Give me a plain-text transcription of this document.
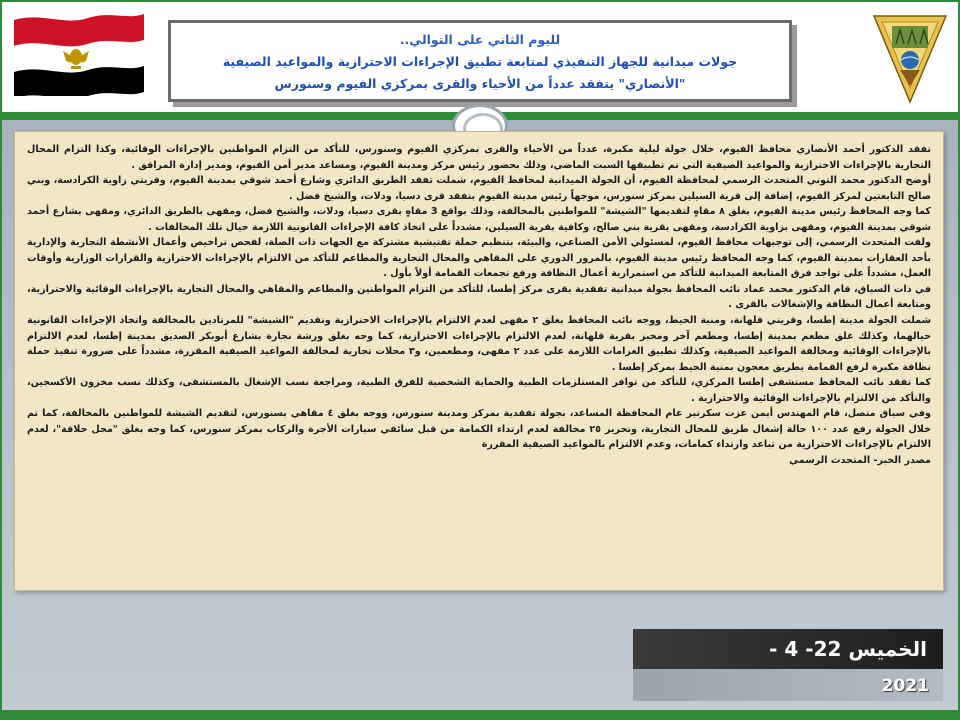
لليوم الثاني على التوالي..
جولات ميدانية للجهاز التنفيذي لمتابعة تطبيق الإجراءات الاحترازية والمواعيد الصيفية
"الأنصاري" يتفقد عدداً من الأحياء والقرى بمركزي الفيوم وسنورس

تفقد الدكتور أحمد الأنصاري محافظ الفيوم، خلال جولة ليلية مكبرة، عدداً من الأحياء والقرى بمركزي الفيوم وسنورس، للتأكد من التزام المواطنين بالإجراءات الوقائية، وكذا التزام المحال التجارية بالإجراءات الاحترازية والمواعيد الصيفية التي تم تطبيقها السبت الماضي، وذلك بحضور رئيس مركز ومدينة الفيوم، ومساعد مدير أمن الفيوم، ومدير إدارة المرافق .

أوضح الدكتور محمد التوني المتحدث الرسمي لمحافظة الفيوم، أن الجولة الميدانية لمحافظ الفيوم، شملت تفقد الطريق الدائري وشارع أحمد شوقي بمدينة الفيوم، وقريتي زاوية الكرادسة، وبني صالح التابعتين لمركز الفيوم، إضافة إلى قرية السيلين بمركز سنورس، موجهاً رئيس مدينة الفيوم بتفقد قرى دسيا، ودلات، والشيخ فضل .

كما وجه المحافظ رئيس مدينة الفيوم، بغلق ٨ مقاهٍ لتقديمها "الشيشة" للمواطنين بالمخالفة، وذلك بواقع 3 مقاهٍ بقرى دسيا، ودلات، والشيخ فضل، ومقهى بالطريق الدائري، ومقهى بشارع أحمد شوقي بمدينة الفيوم، ومقهى بزاوية الكرادسة، ومقهى بقرية بني صالح، وكافية بقرية السيلين، مشدداً على اتخاذ كافة الإجراءات القانونية اللازمة حيال تلك المخالفات .

ولفت المتحدث الرسمي، إلى توجيهات محافظ الفيوم، لمسئولي الأمن الصناعي، والبيئة، بتنظيم حملة تفتيشية مشتركة مع الجهات ذات الصلة، لفحص تراخيص وأعمال الأنشطة التجارية والإدارية بأحد العقارات بمدينة الفيوم، كما وجه المحافظ رئيس مدينة الفيوم، بالمرور الدوري على المقاهي والمحال التجارية والمطاعم للتأكد من الالتزام بالإجراءات الاحترازية والقرارات الوزارية وأوقات العمل، مشدداً على تواجد فرق المتابعة الميدانية للتأكد من استمرارية أعمال النظافة ورفع تجمعات القمامة أولاً بأول .

في ذات السياق، قام الدكتور محمد عماد نائب المحافظ بجولة ميدانية تفقدية بقرى مركز إطسا، للتأكد من التزام المواطنين والمطاعم والمقاهي والمحال التجارية بالإجراءات الوقائية والاحترازية، ومتابعة أعمال النظافة والإشغالات بالقرى .

شملت الجولة مدينة إطسا، وقريتي قلهانة، ومنية الحيط، ووجه نائب المحافظ بغلق ٢ مقهى لعدم الالتزام بالإجراءات الاحترازية وتقديم "الشيشة" للمرتادين بالمخالفة واتخاذ الإجراءات القانونية حيالهما، وكذلك غلق مطعم بمدينة إطسا، ومطعم آخر ومخبز بقرية قلهانة، لعدم الالتزام بالإجراءات الاحترازية، كما وجه بغلق ورشة نجارة بشارع أبوبكر الصديق بمدينة إطسا، لعدم الالتزام بالإجراءات الوقائية ومخالفة المواعيد الصيفية، وكذلك تطبيق الغرامات اللازمة على عدد ٢ مقهى، ومطعمين، و٣ محلات تجارية لمخالفة المواعيد الصيفية المقررة، مشدداً على ضرورة تنفيذ حملة نظافة مكبرة لرفع القمامة بطريق معجون بمنية الحيط بمركز إطسا .

كما تفقد نائب المحافظ مستشفى إطسا المركزي، للتأكد من توافر المستلزمات الطبية والحماية الشخصية للفرق الطبية، ومراجعة نسب الإشغال بالمستشفى، وكذلك نسب مخزون الأكسجين، والتأكد من الالتزام بالإجراءات الوقائية والاحترازية .

وفي سياق متصل، قام المهندس أيمن عزت سكرتير عام المحافظة المساعد، بجولة تفقدية بمركز ومدينة سنورس، ووجه بغلق ٤ مقاهي بسنورس، لتقديم الشيشة للمواطنين بالمخالفة، كما تم خلال الجولة رفع عدد ١٠٠ حالة إشغال طريق للمحال التجارية، وتحرير ٢٥ مخالفة لعدم ارتداء الكمامة من قبل سائقي سيارات الأجرة والركاب بمركز سنورس، كما وجه بغلق "محل حلاقة"، لعدم الالتزام بالإجراءات الاحترازية من تباعد وارتداء كمامات، وعدم الالتزام بالمواعيد الصيفية المقررة

مصدر الخبر- المتحدث الرسمي

الخميس 22- 4 -
2021
